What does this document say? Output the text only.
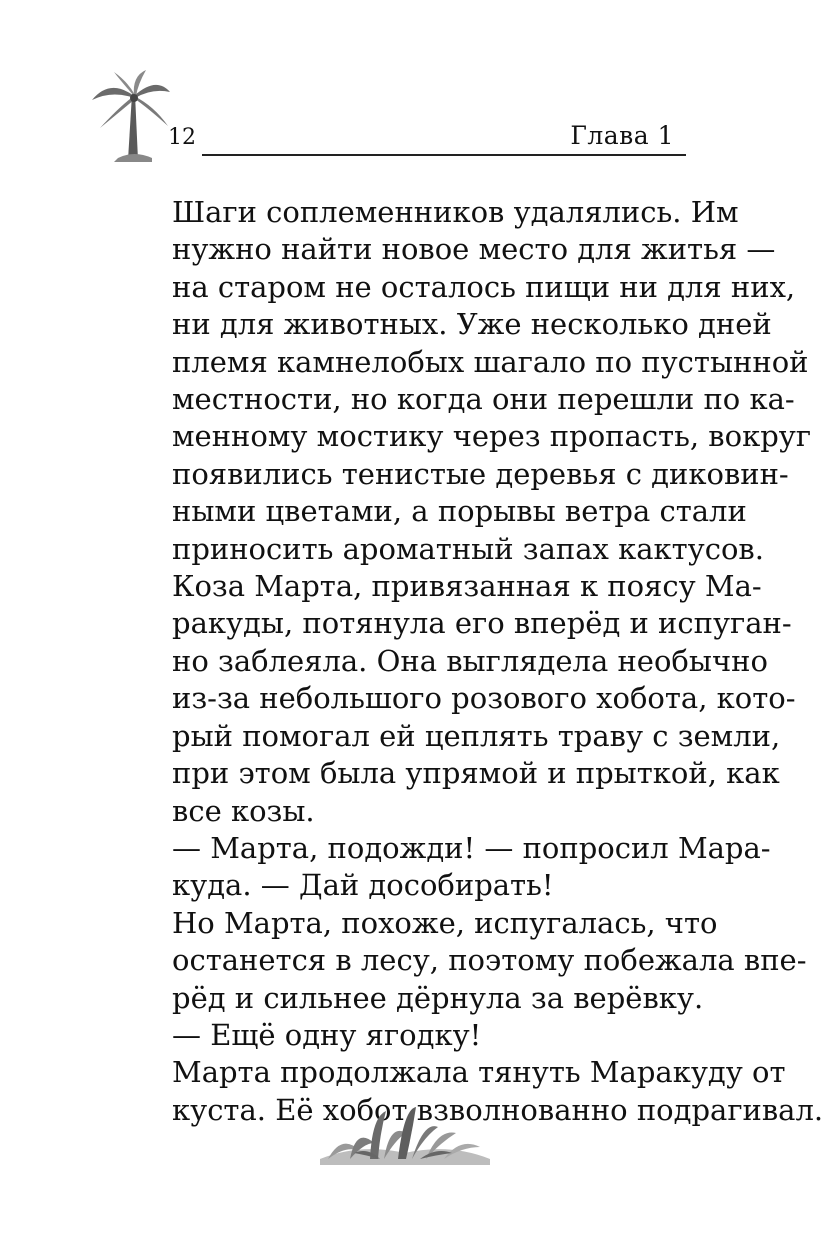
12	Глава 1

Шаги соплеменников удалялись. Им
нужно найти новое место для житья —
на старом не осталось пищи ни для них,
ни для животных. Уже несколько дней
племя камнелобых шагало по пустынной
местности, но когда они перешли по ка-
менному мостику через пропасть, вокруг
появились тенистые деревья с диковин-
ными цветами, а порывы ветра стали
приносить ароматный запах кактусов.

Коза Марта, привязанная к поясу Ма-
ракуды, потянула его вперёд и испуган-
но заблеяла. Она выглядела необычно
из-за небольшого розового хобота, кото-
рый помогал ей цеплять траву с земли,
при этом была упрямой и прыткой, как
все козы.

— Марта, подожди! — попросил Мара-
куда. — Дай дособирать!

Но Марта, похоже, испугалась, что
останется в лесу, поэтому побежала впе-
рёд и сильнее дёрнула за верёвку.

— Ещё одну ягодку!

Марта продолжала тянуть Маракуду от
куста. Её хобот взволнованно подрагивал.
